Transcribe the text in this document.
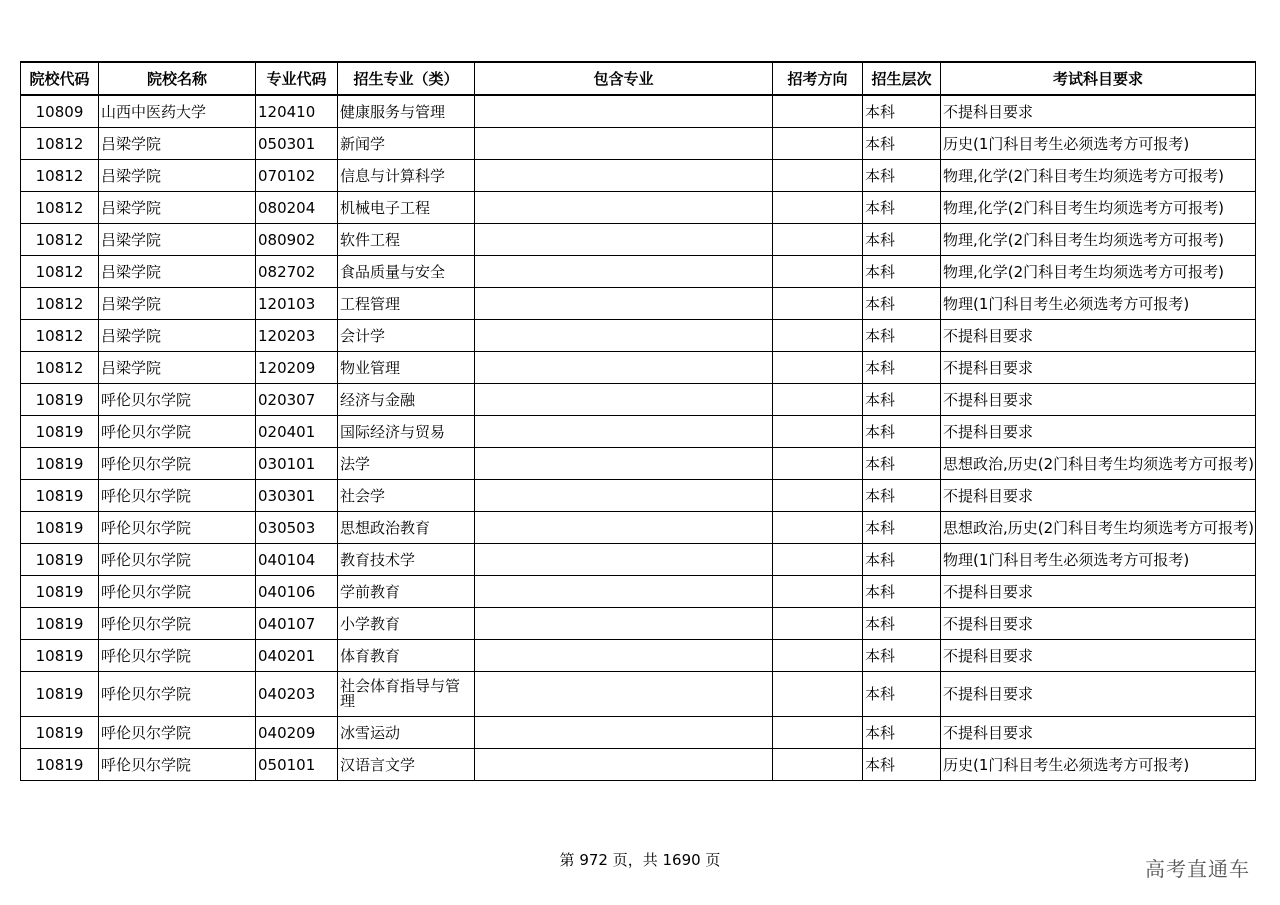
院校代码	院校名称	专业代码	招生专业（类）	包含专业	招考方向	招生层次	考试科目要求
10809	山西中医药大学	120410	健康服务与管理			本科	不提科目要求
10812	吕梁学院	050301	新闻学			本科	历史(1门科目考生必须选考方可报考)
10812	吕梁学院	070102	信息与计算科学			本科	物理,化学(2门科目考生均须选考方可报考)
10812	吕梁学院	080204	机械电子工程			本科	物理,化学(2门科目考生均须选考方可报考)
10812	吕梁学院	080902	软件工程			本科	物理,化学(2门科目考生均须选考方可报考)
10812	吕梁学院	082702	食品质量与安全			本科	物理,化学(2门科目考生均须选考方可报考)
10812	吕梁学院	120103	工程管理			本科	物理(1门科目考生必须选考方可报考)
10812	吕梁学院	120203	会计学			本科	不提科目要求
10812	吕梁学院	120209	物业管理			本科	不提科目要求
10819	呼伦贝尔学院	020307	经济与金融			本科	不提科目要求
10819	呼伦贝尔学院	020401	国际经济与贸易			本科	不提科目要求
10819	呼伦贝尔学院	030101	法学			本科	思想政治,历史(2门科目考生均须选考方可报考)
10819	呼伦贝尔学院	030301	社会学			本科	不提科目要求
10819	呼伦贝尔学院	030503	思想政治教育			本科	思想政治,历史(2门科目考生均须选考方可报考)
10819	呼伦贝尔学院	040104	教育技术学			本科	物理(1门科目考生必须选考方可报考)
10819	呼伦贝尔学院	040106	学前教育			本科	不提科目要求
10819	呼伦贝尔学院	040107	小学教育			本科	不提科目要求
10819	呼伦贝尔学院	040201	体育教育			本科	不提科目要求
10819	呼伦贝尔学院	040203	社会体育指导与管理			本科	不提科目要求
10819	呼伦贝尔学院	040209	冰雪运动			本科	不提科目要求
10819	呼伦贝尔学院	050101	汉语言文学			本科	历史(1门科目考生必须选考方可报考)
第 972 页，共 1690 页	高考直通车
